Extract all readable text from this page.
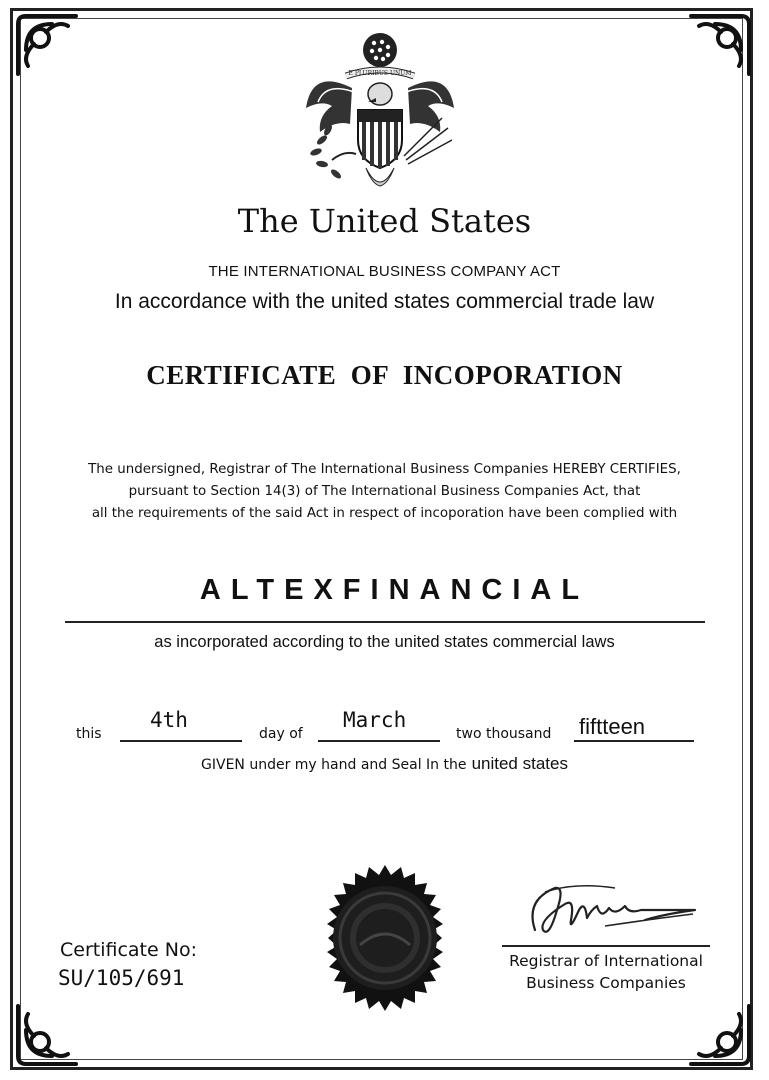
E PLURIBUS UNUM
The United States
THE INTERNATIONAL BUSINESS COMPANY ACT
In accordance with the united states commercial trade law
CERTIFICATE  OF  INCOPORATION
The undersigned, Registrar of The International Business Companies HEREBY CERTIFIES,
pursuant to Section 14(3) of The International Business Companies Act, that
all the requirements of the said Act in respect of incoporation have been complied with
ALTEXFINANCIAL
as incorporated according to the united states commercial laws
this
4th
day of
March
two thousand fiftteen
GIVEN under my hand and Seal In the united states
Certificate No:
SU/105/691
Registrar of International
Business Companies
